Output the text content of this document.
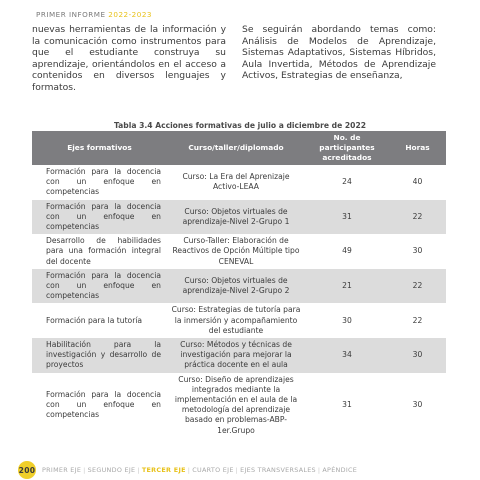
PRIMER INFORME 2022-2023
nuevas herramientas de la información y la comunicación como instrumentos para que el estudiante construya su aprendizaje, orientándolos en el acceso a contenidos en diversos lenguajes y formatos.
Se seguirán abordando temas como: Análisis de Modelos de Aprendizaje, Sistemas Adaptativos, Sistemas Híbridos, Aula Invertida, Métodos de Aprendizaje Activos, Estrategias de enseñanza,
Tabla 3.4 Acciones formativas de julio a diciembre de 2022
Ejes formativos	Curso/taller/diplomado	No. de participantes acreditados	Horas
Formación para la docencia con un enfoque en competencias	Curso: La Era del Aprenizaje Activo-LEAA	24	40
Formación para la docencia con un enfoque en competencias	Curso: Objetos virtuales de aprendizaje-Nivel 2-Grupo 1	31	22
Desarrollo de habilidades para una formación integral del docente	Curso-Taller: Elaboración de Reactivos de Opción Múltiple tipo CENEVAL	49	30
Formación para la docencia con un enfoque en competencias	Curso: Objetos virtuales de aprendizaje-Nivel 2-Grupo 2	21	22
Formación para la tutoría	Curso: Estrategias de tutoría para la inmersión y acompañamiento del estudiante	30	22
Habilitación para la investigación y desarrollo de proyectos	Curso: Métodos y técnicas de investigación para mejorar la práctica docente en el aula	34	30
Formación para la docencia con un enfoque en competencias	Curso: Diseño de aprendizajes integrados mediante la implementación en el aula de la metodología del aprendizaje basado en problemas-ABP-1er.Grupo	31	30
200 PRIMER EJE | SEGUNDO EJE | TERCER EJE | CUARTO EJE | EJES TRANSVERSALES | APÉNDICE
